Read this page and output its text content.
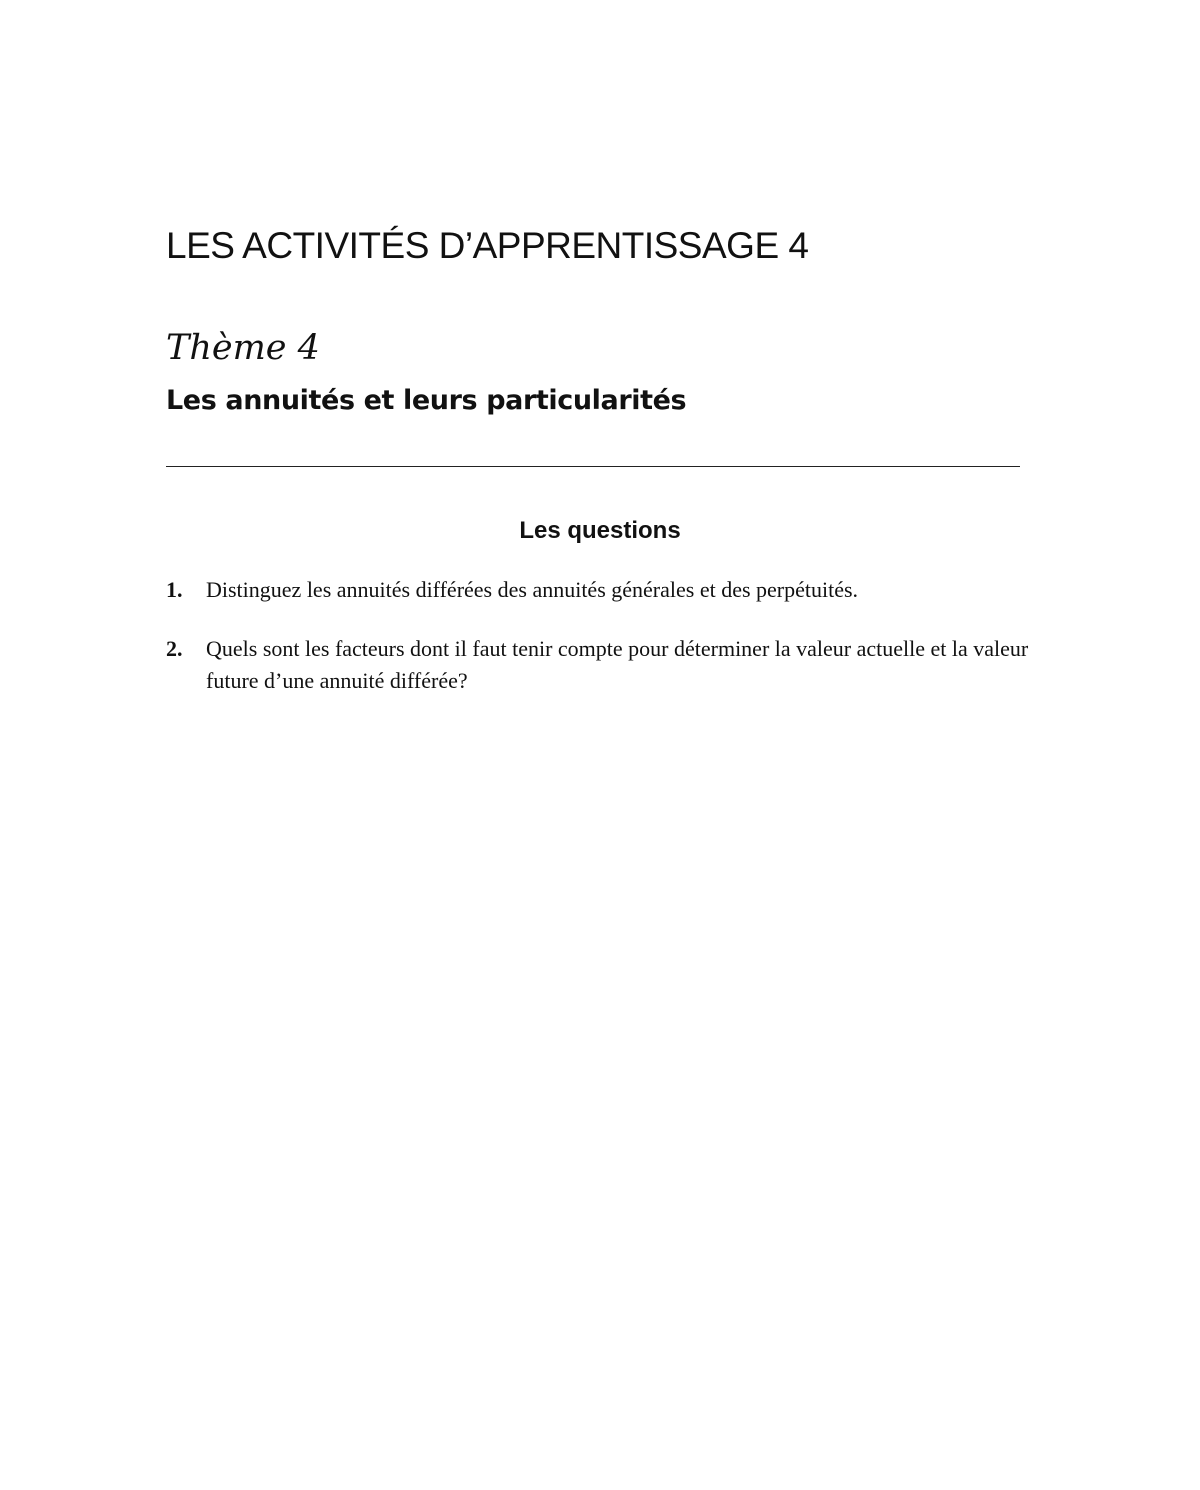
LES ACTIVITÉS D’APPRENTISSAGE 4
Thème 4
Les annuités et leurs particularités
Les questions
1.	Distinguez les annuités différées des annuités générales et des perpétuités.
2.	Quels sont les facteurs dont il faut tenir compte pour déterminer la valeur actuelle et la valeur future d’une annuité différée?
